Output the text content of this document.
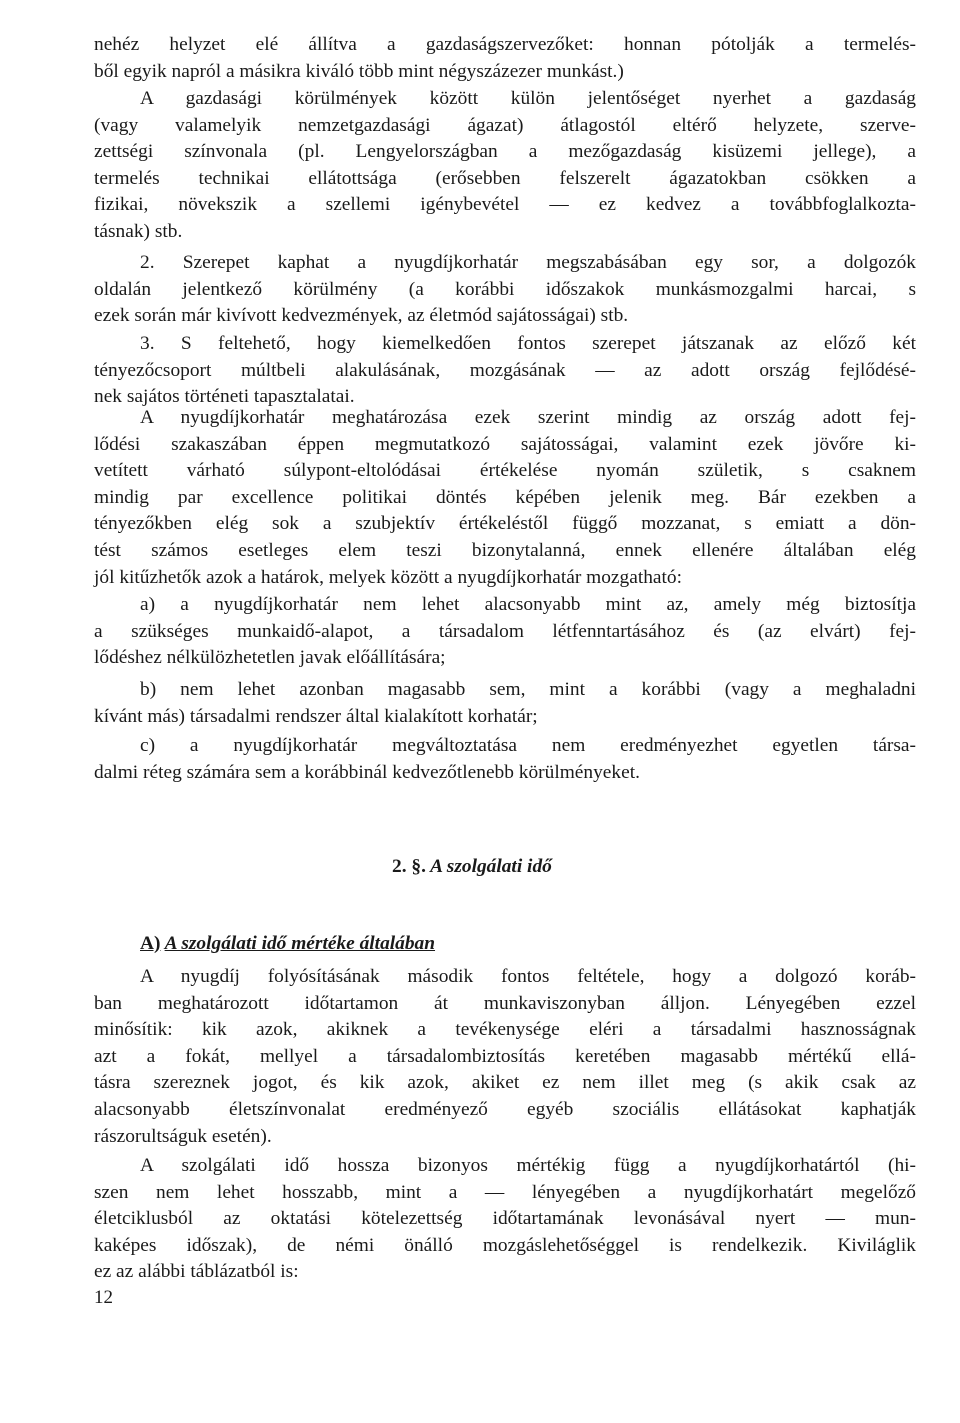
nehéz helyzet elé állítva a gazdaságszervezőket: honnan pótolják a termelés-
ből egyik napról a másikra kiváló több mint négyszázezer munkást.)

A gazdasági körülmények között külön jelentőséget nyerhet a gazdaság
(vagy valamelyik nemzetgazdasági ágazat) átlagostól eltérő helyzete, szerve-
zettségi színvonala (pl. Lengyelországban a mezőgazdaság kisüzemi jellege), a
termelés technikai ellátottsága (erősebben felszerelt ágazatokban csökken a
fizikai, növekszik a szellemi igénybevétel — ez kedvez a továbbfoglalkozta-
tásnak) stb.

2. Szerepet kaphat a nyugdíjkorhatár megszabásában egy sor, a dolgozók
oldalán jelentkező körülmény (a korábbi időszakok munkásmozgalmi harcai, s
ezek során már kivívott kedvezmények, az életmód sajátosságai) stb.

3. S feltehető, hogy kiemelkedően fontos szerepet játszanak az előző két
tényezőcsoport múltbeli alakulásának, mozgásának — az adott ország fejlődésé-
nek sajátos történeti tapasztalatai.

A nyugdíjkorhatár meghatározása ezek szerint mindig az ország adott fej-
lődési szakaszában éppen megmutatkozó sajátosságai, valamint ezek jövőre ki-
vetített várható súlypont-eltolódásai értékelése nyomán születik, s csaknem
mindig par excellence politikai döntés képében jelenik meg. Bár ezekben a
tényezőkben elég sok a szubjektív értékeléstől függő mozzanat, s emiatt a dön-
tést számos esetleges elem teszi bizonytalanná, ennek ellenére általában elég
jól kitűzhetők azok a határok, melyek között a nyugdíjkorhatár mozgatható:

a) a nyugdíjkorhatár nem lehet alacsonyabb mint az, amely még biztosítja
a szükséges munkaidő-alapot, a társadalom létfenntartásához és (az elvárt) fej-
lődéshez nélkülözhetetlen javak előállítására;

b) nem lehet azonban magasabb sem, mint a korábbi (vagy a meghaladni
kívánt más) társadalmi rendszer által kialakított korhatár;

c) a nyugdíjkorhatár megváltoztatása nem eredményezhet egyetlen társa-
dalmi réteg számára sem a korábbinál kedvezőtlenebb körülményeket.

2. §. A szolgálati idő
A) A szolgálati idő mértéke általában

A nyugdíj folyósításának második fontos feltétele, hogy a dolgozó koráb-
ban meghatározott időtartamon át munkaviszonyban álljon. Lényegében ezzel
minősítik: kik azok, akiknek a tevékenysége eléri a társadalmi hasznosságnak
azt a fokát, mellyel a társadalombiztosítás keretében magasabb mértékű ellá-
tásra szereznek jogot, és kik azok, akiket ez nem illet meg (s akik csak az
alacsonyabb életszínvonalat eredményező egyéb szociális ellátásokat kaphatják
rászorultságuk esetén).

A szolgálati idő hossza bizonyos mértékig függ a nyugdíjkorhatártól (hi-
szen nem lehet hosszabb, mint a — lényegében a nyugdíjkorhatárt megelőző
életciklusból az oktatási kötelezettség időtartamának levonásával nyert — mun-
kaképes időszak), de némi önálló mozgáslehetőséggel is rendelkezik. Kiviláglik
ez az alábbi táblázatból is:

12
